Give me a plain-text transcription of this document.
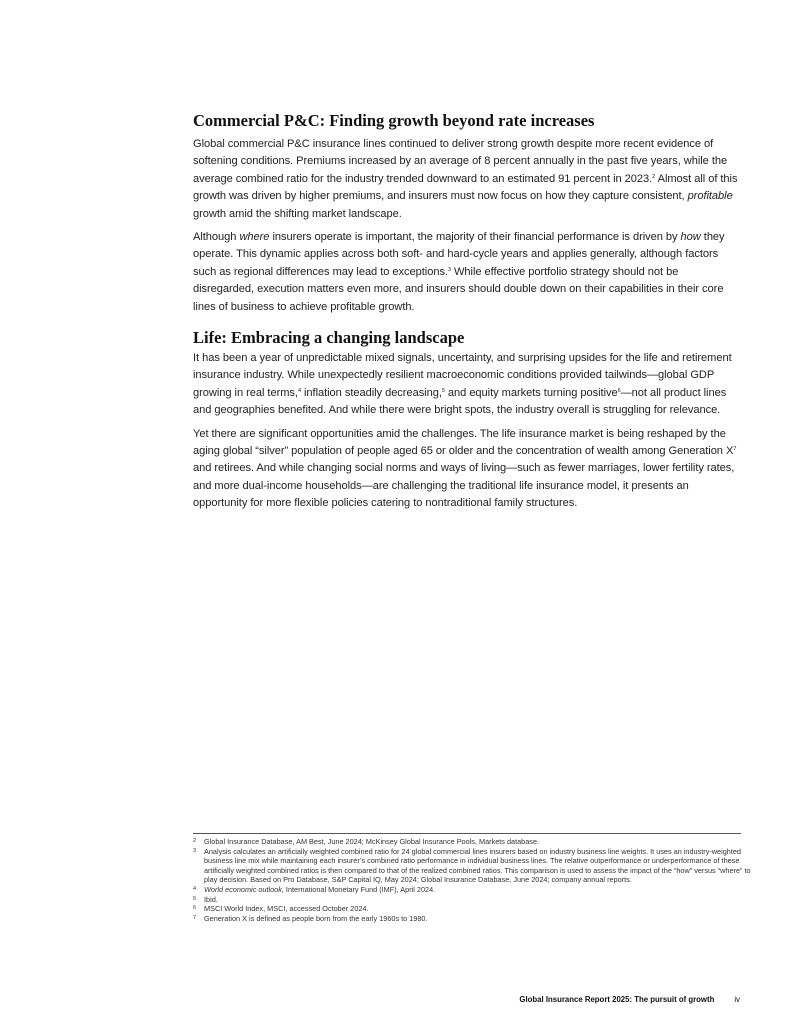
Commercial P&C: Finding growth beyond rate increases

Global commercial P&C insurance lines continued to deliver strong growth despite more recent evidence of softening conditions. Premiums increased by an average of 8 percent annually in the past five years, while the average combined ratio for the industry trended downward to an estimated 91 percent in 2023.$^2$ Almost all of this growth was driven by higher premiums, and insurers must now focus on how they capture consistent, profitable growth amid the shifting market landscape.

Although where insurers operate is important, the majority of their financial performance is driven by how they operate. This dynamic applies across both soft- and hard-cycle years and applies generally, although factors such as regional differences may lead to exceptions.$^3$ While effective portfolio strategy should not be disregarded, execution matters even more, and insurers should double down on their capabilities in their core lines of business to achieve profitable growth.

Life: Embracing a changing landscape

It has been a year of unpredictable mixed signals, uncertainty, and surprising upsides for the life and retirement insurance industry. While unexpectedly resilient macroeconomic conditions provided tailwinds—global GDP growing in real terms,$^4$ inflation steadily decreasing,$^5$ and equity markets turning positive$^6$—not all product lines and geographies benefited. And while there were bright spots, the industry overall is struggling for relevance.

Yet there are significant opportunities amid the challenges. The life insurance market is being reshaped by the aging global “silver” population of people aged 65 or older and the concentration of wealth among Generation $X^7$ and retirees. And while changing social norms and ways of living—such as fewer marriages, lower fertility rates, and more dual-income households—are challenging the traditional life insurance model, it presents an opportunity for more flexible policies catering to nontraditional family structures.

2	Global Insurance Database, AM Best, June 2024; McKinsey Global Insurance Pools, Markets database.
3	Analysis calculates an artificially weighted combined ratio for 24 global commercial lines insurers based on industry business line weights. It uses an industry-weighted business line mix while maintaining each insurer’s combined ratio performance in individual business lines. The relative outperformance or underperformance of these artificially weighted combined ratios is then compared to that of the realized combined ratios. This comparison is used to assess the impact of the “how” versus “where” to play decision. Based on Pro Database, S&P Capital IQ, May 2024; Global Insurance Database, June 2024; company annual reports.
4	World economic outlook, International Monetary Fund (IMF), April 2024.
5	Ibid.
6	MSCI World Index, MSCI, accessed October 2024.
7	Generation X is defined as people born from the early 1960s to 1980.
Global Insurance Report 2025: The pursuit of growth	iv
